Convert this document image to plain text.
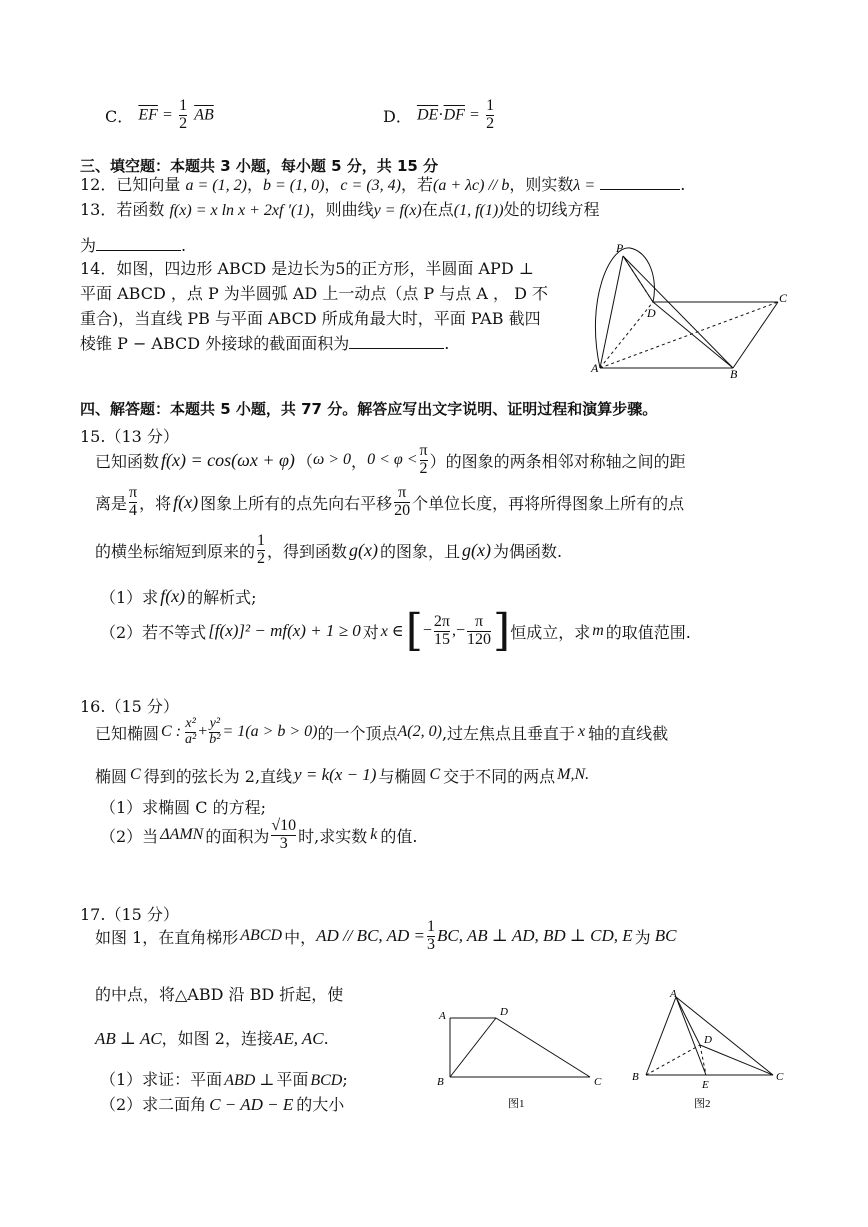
C． $\overline{EF} = \frac{1}{2} \overline{AB}$	D． $\overline{DE}\cdot\overline{DF} = \frac{1}{2}$
三、填空题：本题共 3 小题，每小题 5 分，共 15 分
12．已知向量 a = (1, 2)，b = (1, 0)，c = (3, 4)，若(a + λc) // b，则实数λ =	.
13．若函数 f(x) = x ln x + 2xf ′(1)，则曲线y = f(x)在点(1, f(1))处的切线方程
为	.
14．如图，四边形 ABCD 是边长为5的正方形，半圆面 APD ⊥
平面 ABCD ，点 P 为半圆弧 AD 上一动点（点 P 与点 A ， D 不
重合)，当直线 PB 与平面 ABCD 所成角最大时，平面 PAB 截四
棱锥 P − ABCD 外接球的截面面积为	.
P
A	B
C
D
四、解答题：本题共 5 小题，共 77 分。解答应写出文字说明、证明过程和演算步骤。
15.（13 分）
已知函数 f(x) = cos(ωx + φ) （ ω > 0 ， $0 < \varphi < \frac{\pi}{2}$ ）的图象的两条相邻对称轴之间的距
离是 $\frac{\pi}{4}$ ，将 f(x) 图象上所有的点先向右平移 $\frac{\pi}{20}$ 个单位长度，再将所得图象上所有的点
的横坐标缩短到原来的 $\frac{1}{2}$ ，得到函数 g(x) 的图象，且 g(x) 为偶函数.
（1）求 f(x) 的解析式;
（2）若不等式 [f(x)]² − mf(x) + 1 ≥ 0 对 x ∈ [ − $\frac{2\pi}{15}$ , − $\frac{\pi}{120}$ ] 恒成立，求 m 的取值范围.
16.（15 分）
已知椭圆 C : $\frac{\text{x²}}{\text{a²}} + \frac{\text{y²}}{\text{b²}} = 1(a > b > 0)$ 的一个顶点 A(2, 0) ,过左焦点且垂直于 x 轴的直线截
椭圆 C 得到的弦长为 2,直线 y = k(x − 1) 与椭圆 C 交于不同的两点 M,N.
（1）求椭圆 C 的方程;
（2）当 ΔAMN 的面积为 $\frac{√10}{3}$ 时,求实数 k 的值.
17.（15 分）
如图 1，在直角梯形 ABCD 中， AD // BC, AD = $\frac{1}{3}$ BC, AB ⊥ AD, BD ⊥ CD, E 为 BC
的中点，将△ABD 沿 BD 折起，使
AB ⊥ AC，如图 2，连接AE, AC.
（1）求证：平面 ABD ⊥ 平面 BCD;
（2）求二面角 C − AD − E 的大小
A	D
B	C
图1
A
D
B
E
C
图2
